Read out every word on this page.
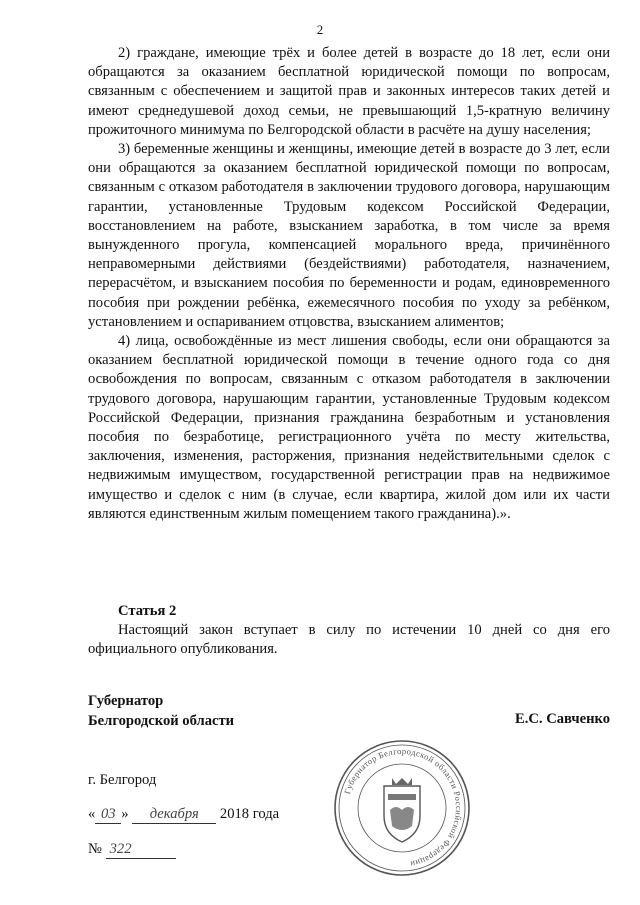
2

2) граждане, имеющие трёх и более детей в возрасте до 18 лет, если они обращаются за оказанием бесплатной юридической помощи по вопросам, связанным с обеспечением и защитой прав и законных интересов таких детей и имеют среднедушевой доход семьи, не превышающий 1,5-кратную величину прожиточного минимума по Белгородской области в расчёте на душу населения;

3) беременные женщины и женщины, имеющие детей в возрасте до 3 лет, если они обращаются за оказанием бесплатной юридической помощи по вопросам, связанным с отказом работодателя в заключении трудового договора, нарушающим гарантии, установленные Трудовым кодексом Российской Федерации, восстановлением на работе, взысканием заработка, в том числе за время вынужденного прогула, компенсацией морального вреда, причинённого неправомерными действиями (бездействиями) работодателя, назначением, перерасчётом, и взысканием пособия по беременности и родам, единовременного пособия при рождении ребёнка, ежемесячного пособия по уходу за ребёнком, установлением и оспариванием отцовства, взысканием алиментов;

4) лица, освобождённые из мест лишения свободы, если они обращаются за оказанием бесплатной юридической помощи в течение одного года со дня освобождения по вопросам, связанным с отказом работодателя в заключении трудового договора, нарушающим гарантии, установленные Трудовым кодексом Российской Федерации, признания гражданина безработным и установления пособия по безработице, регистрационного учёта по месту жительства, заключения, изменения, расторжения, признания недействительными сделок с недвижимым имуществом, государственной регистрации прав на недвижимое имущество и сделок с ним (в случае, если квартира, жилой дом или их части являются единственным жилым помещением такого гражданина).».

Статья 2

Настоящий закон вступает в силу по истечении 10 дней со дня его официального опубликования.

Губернатор
Белгородской области	Е.С. Савченко
г. Белгород
« 03 » декабря 2018 года
№ 322
Губернатор Белгородской области Российской Федерации
